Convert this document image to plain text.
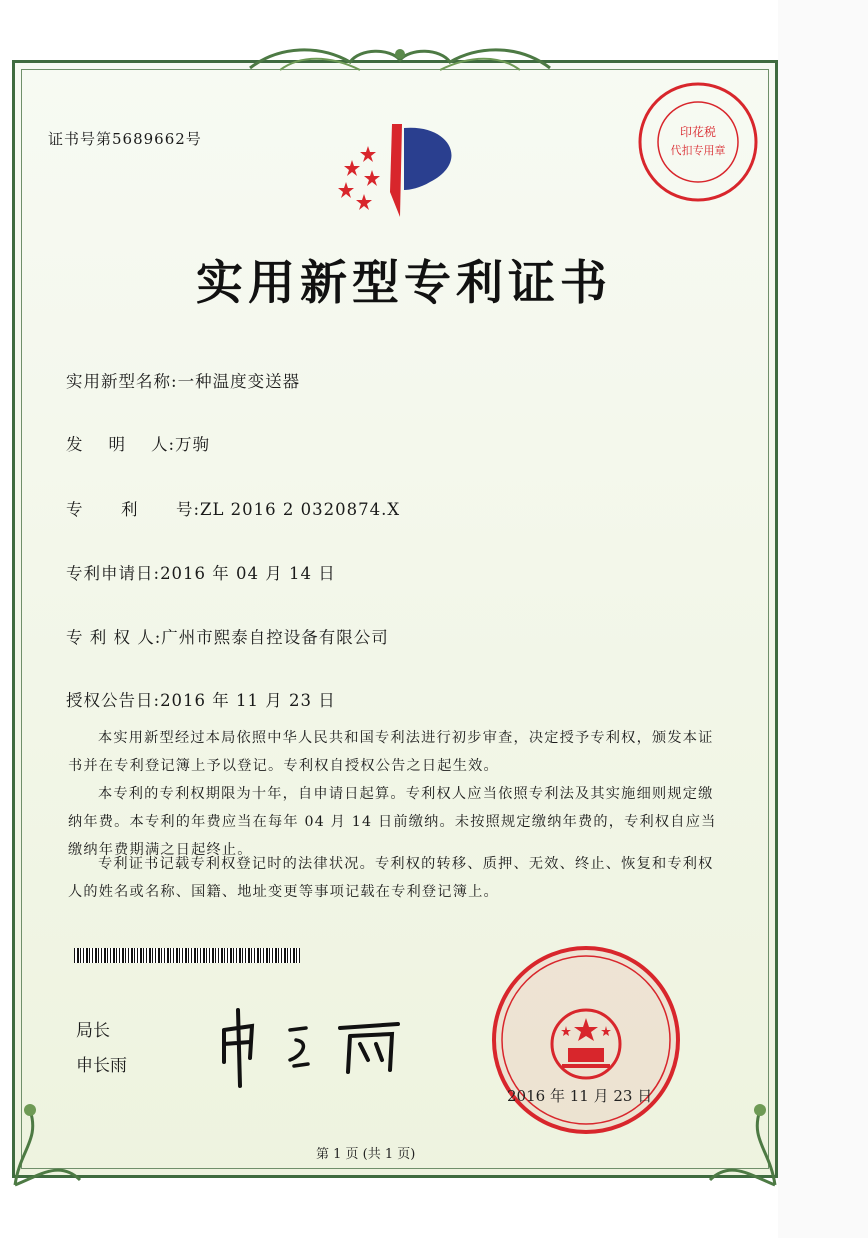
印花税
代扣专用章
证书号第5689662号
实用新型专利证书
实用新型名称:一种温度变送器
发    明    人:万驹
专      利      号:ZL 2016 2 0320874.X
专利申请日:2016 年 04 月 14 日
专 利 权 人:广州市熙泰自控设备有限公司
授权公告日:2016 年 11 月 23 日
本实用新型经过本局依照中华人民共和国专利法进行初步审查，决定授予专利权，颁发本证书并在专利登记簿上予以登记。专利权自授权公告之日起生效。
本专利的专利权期限为十年，自申请日起算。专利权人应当依照专利法及其实施细则规定缴纳年费。本专利的年费应当在每年 04 月 14 日前缴纳。未按照规定缴纳年费的，专利权自应当缴纳年费期满之日起终止。
专利证书记载专利权登记时的法律状况。专利权的转移、质押、无效、终止、恢复和专利权人的姓名或名称、国籍、地址变更等事项记载在专利登记簿上。
局长
申长雨
2016 年 11 月 23 日
第 1 页 (共 1 页)
